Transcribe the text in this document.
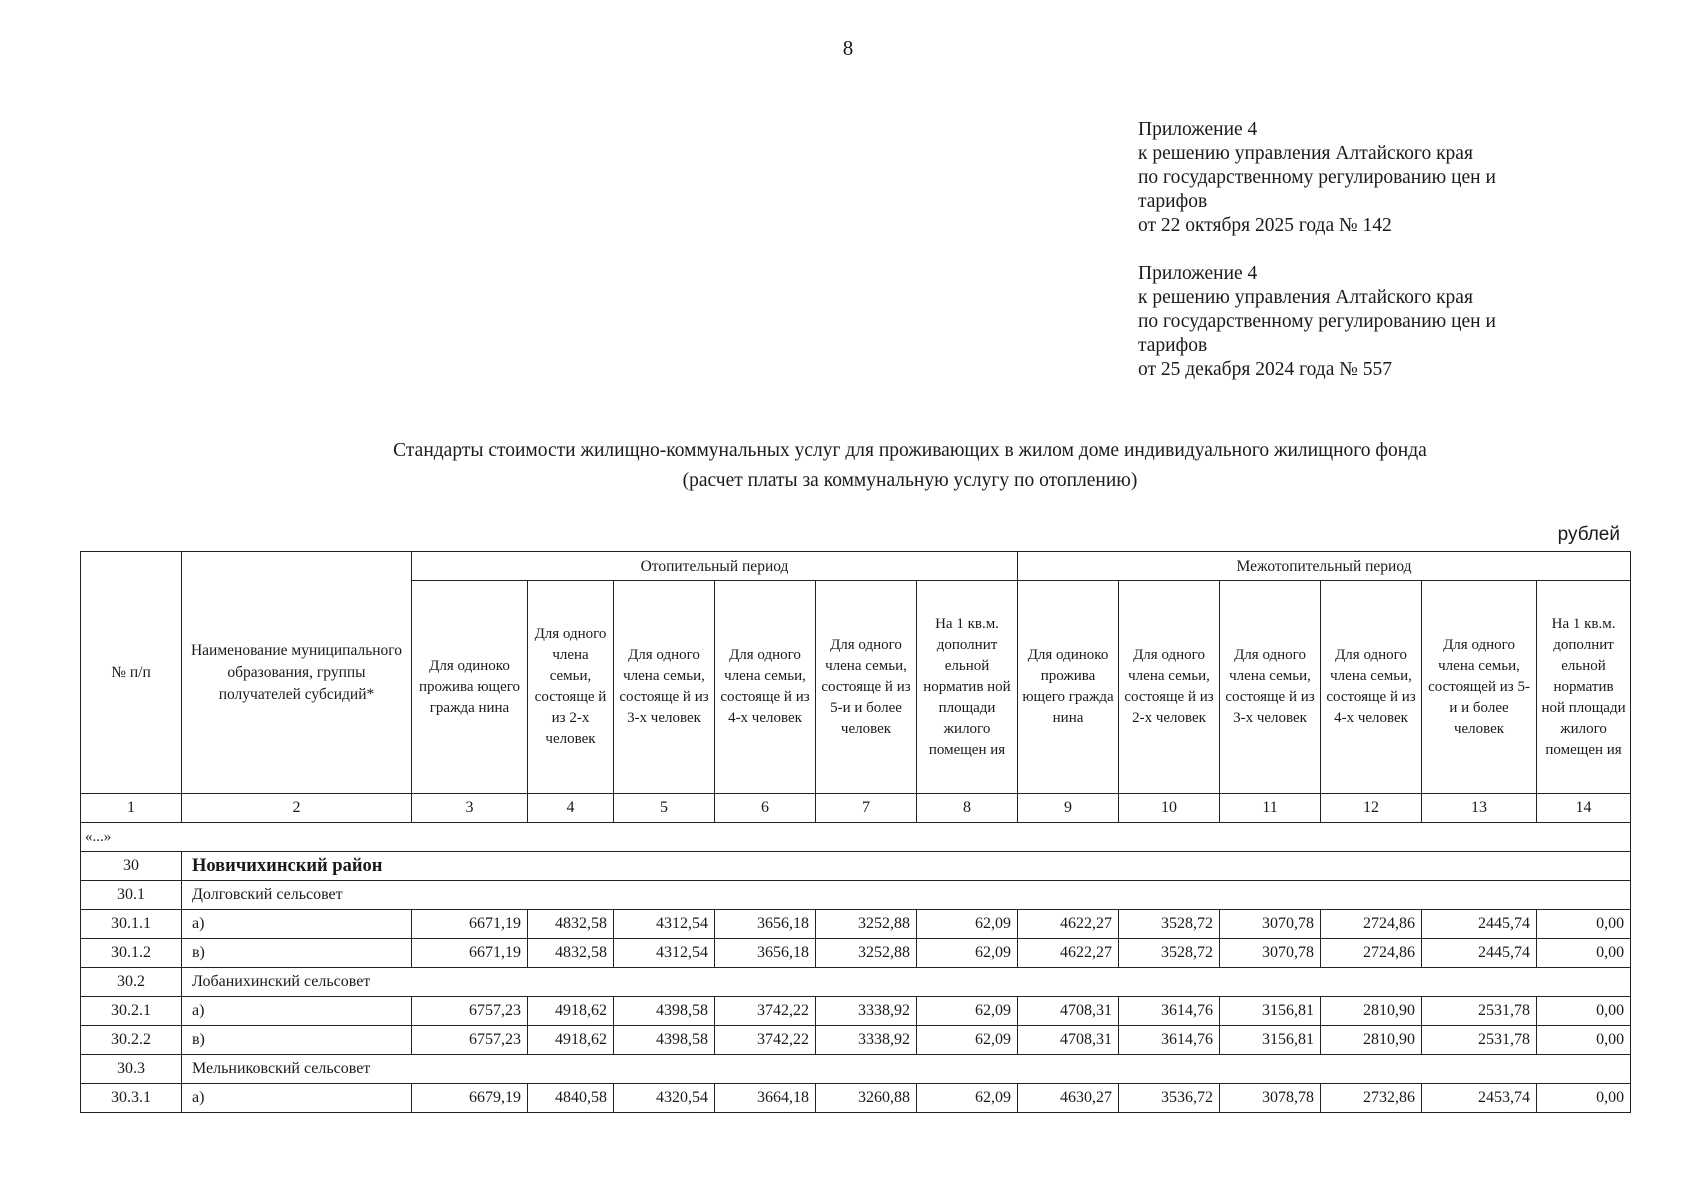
8
Приложение 4
к решению управления Алтайского края
по государственному регулированию цен и
тарифов
от 22 октября 2025 года № 142
Приложение 4
к решению управления Алтайского края
по государственному регулированию цен и
тарифов
от 25 декабря 2024 года № 557
Стандарты стоимости жилищно-коммунальных услуг для проживающих в жилом доме индивидуального жилищного фонда
(расчет платы за коммунальную услугу по отоплению)
рублей
№ п/п	Наименование муниципального образования, группы получателей субсидий*	Отопительный период						Межотопительный период					
		Для одиноко прожива ющего гражда нина	Для одного члена семьи, состояще й из 2-х человек	Для одного члена семьи, состояще й из 3-х человек	Для одного члена семьи, состояще й из 4-х человек	Для одного члена семьи, состояще й из 5-и и более человек	На 1 кв.м. дополнит ельной норматив ной площади жилого помещен ия	Для одиноко прожива ющего гражда нина	Для одного члена семьи, состояще й из 2-х человек	Для одного члена семьи, состояще й из 3-х человек	Для одного члена семьи, состояще й из 4-х человек	Для одного члена семьи, состоящей из 5-и и более человек	На 1 кв.м. дополнит ельной норматив ной площади жилого помещен ия
1	2	3	4	5	6	7	8	9	10	11	12	13	14
«...»													
30	Новичихинский район												
30.1	Долговский сельсовет												
30.1.1	а)	6671,19	4832,58	4312,54	3656,18	3252,88	62,09	4622,27	3528,72	3070,78	2724,86	2445,74	0,00
30.1.2	в)	6671,19	4832,58	4312,54	3656,18	3252,88	62,09	4622,27	3528,72	3070,78	2724,86	2445,74	0,00
30.2	Лобанихинский сельсовет												
30.2.1	а)	6757,23	4918,62	4398,58	3742,22	3338,92	62,09	4708,31	3614,76	3156,81	2810,90	2531,78	0,00
30.2.2	в)	6757,23	4918,62	4398,58	3742,22	3338,92	62,09	4708,31	3614,76	3156,81	2810,90	2531,78	0,00
30.3	Мельниковский сельсовет												
30.3.1	а)	6679,19	4840,58	4320,54	3664,18	3260,88	62,09	4630,27	3536,72	3078,78	2732,86	2453,74	0,00
